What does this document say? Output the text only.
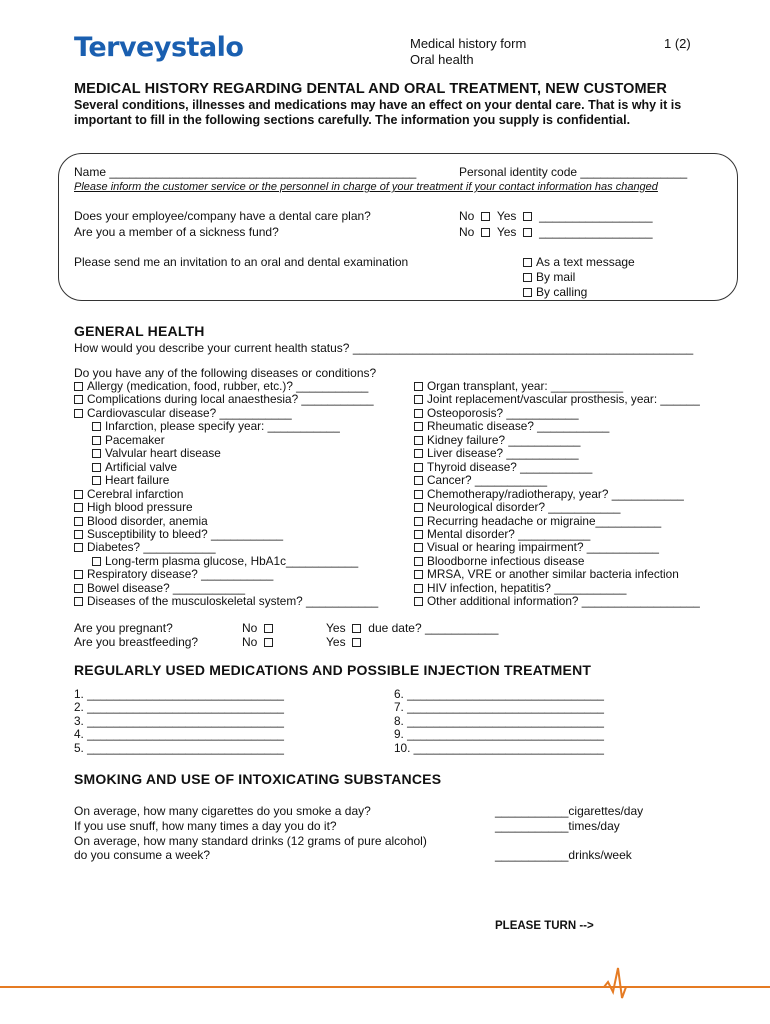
Terveystalo	Medical history form
Oral health
1 (2)
MEDICAL HISTORY REGARDING DENTAL AND ORAL TREATMENT, NEW CUSTOMER
Several conditions, illnesses and medications may have an effect on your dental care. That is why it is important to fill in the following sections carefully. The information you supply is confidential.
Name ______________________________________________	Personal identity code ________________
Please inform the customer service or the personnel in charge of your treatment if your contact information has changed
Does your employee/company have a dental care plan?	No Yes _________________
Are you a member of a sickness fund?	No Yes _________________
Please send me an invitation to an oral and dental examination	As a text message
By mail
By calling
GENERAL HEALTH
How would you describe your current health status? ___________________________________________________
Do you have any of the following diseases or conditions?
Allergy (medication, food, rubber, etc.)? ___________
Complications during local anaesthesia? ___________
Cardiovascular disease? ___________
Infarction, please specify year: ___________
Pacemaker
Valvular heart disease
Artificial valve
Heart failure
Cerebral infarction
High blood pressure
Blood disorder, anemia
Susceptibility to bleed? ___________
Diabetes? ___________
Long-term plasma glucose, HbA1c___________
Respiratory disease? ___________
Bowel disease? ___________
Diseases of the musculoskeletal system? ___________
Organ transplant, year: ___________
Joint replacement/vascular prosthesis, year: ______
Osteoporosis? ___________
Rheumatic disease? ___________
Kidney failure? ___________
Liver disease? ___________
Thyroid disease? ___________
Cancer? ___________
Chemotherapy/radiotherapy, year? ___________
Neurological disorder? ___________
Recurring headache or migraine__________
Mental disorder? ___________
Visual or hearing impairment? ___________
Bloodborne infectious disease
MRSA, VRE or another similar bacteria infection
HIV infection, hepatitis? ___________
Other additional information? __________________
Are you pregnant?	No	Yes due date? ___________
Are you breastfeeding?	No	Yes
REGULARLY USED MEDICATIONS AND POSSIBLE INJECTION TREATMENT
1. ______________________________
2. ______________________________
3. ______________________________
4. ______________________________
5. ______________________________
6. ______________________________
7. ______________________________
8. ______________________________
9. ______________________________
10. _____________________________
SMOKING AND USE OF INTOXICATING SUBSTANCES
On average, how many cigarettes do you smoke a day?
If you use snuff, how many times a day you do it?
On average, how many standard drinks (12 grams of pure alcohol)
do you consume a week?
___________cigarettes/day
___________times/day
___________drinks/week
PLEASE TURN -->
